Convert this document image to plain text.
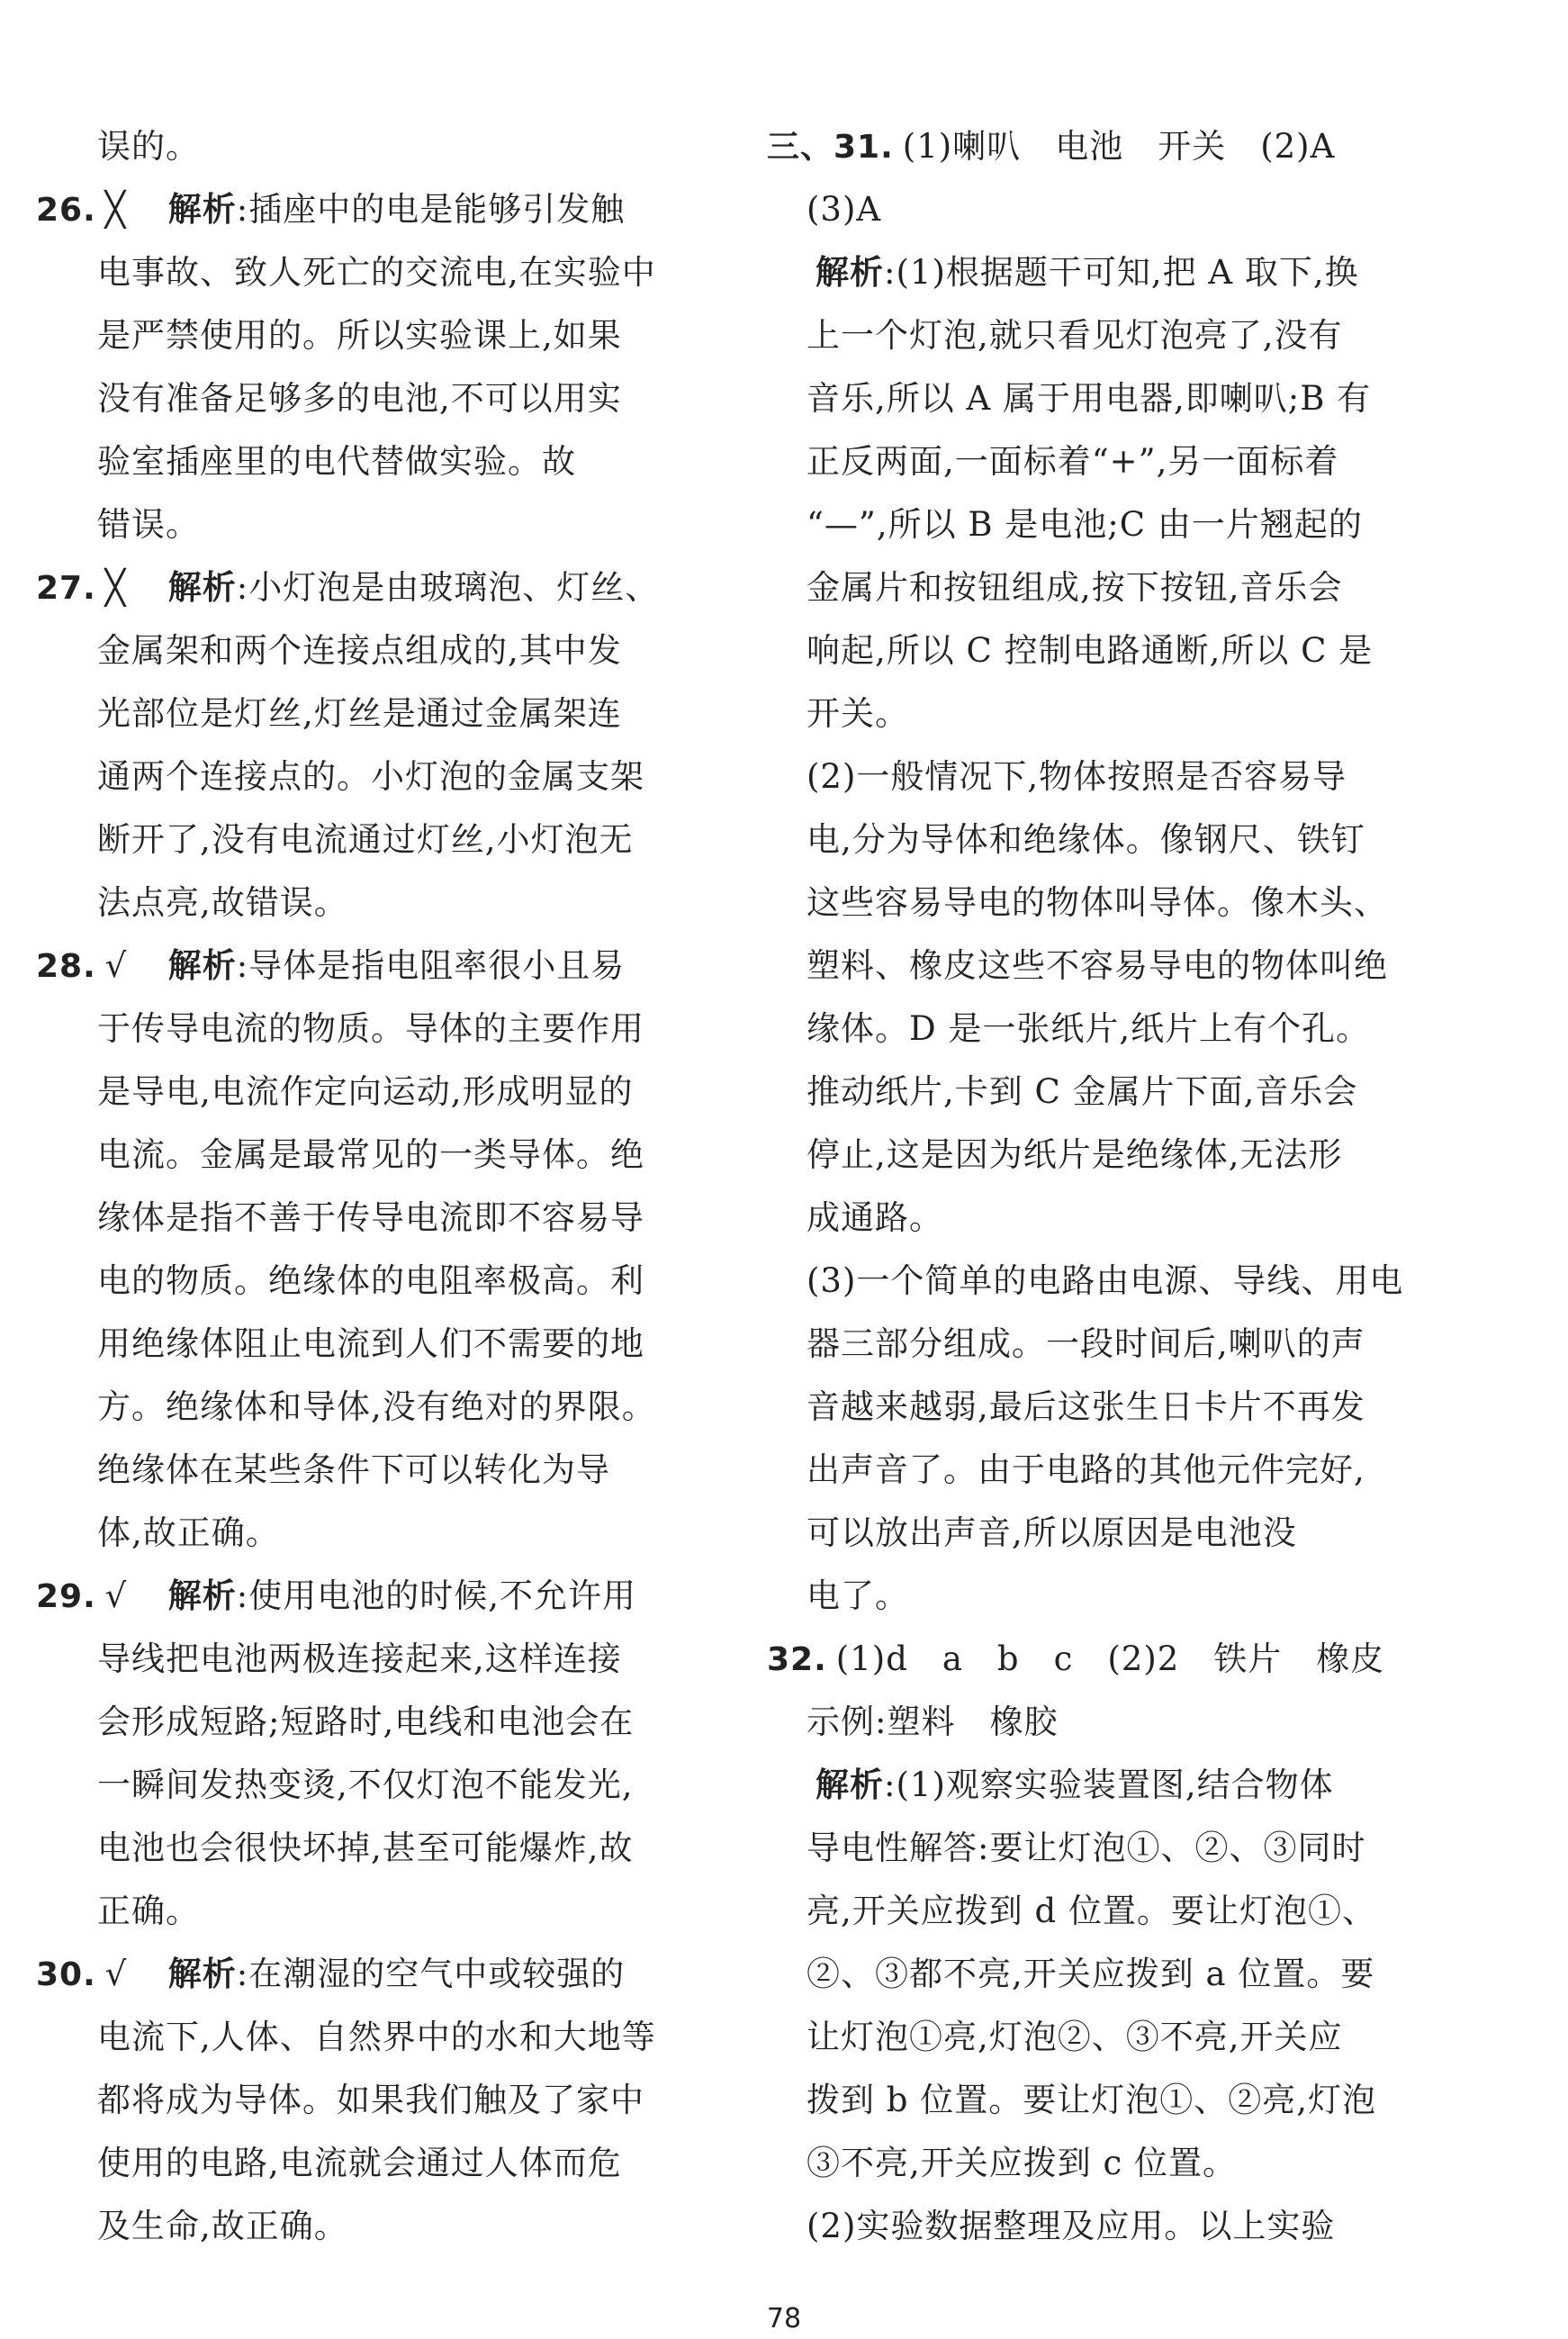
误的。
26. ╳ 解析:插座中的电是能够引发触
电事故、致人死亡的交流电,在实验中
是严禁使用的。所以实验课上,如果
没有准备足够多的电池,不可以用实
验室插座里的电代替做实验。故
错误。
27. ╳ 解析:小灯泡是由玻璃泡、灯丝、
金属架和两个连接点组成的,其中发
光部位是灯丝,灯丝是通过金属架连
通两个连接点的。小灯泡的金属支架
断开了,没有电流通过灯丝,小灯泡无
法点亮,故错误。
28. √ 解析:导体是指电阻率很小且易
于传导电流的物质。导体的主要作用
是导电,电流作定向运动,形成明显的
电流。金属是最常见的一类导体。绝
缘体是指不善于传导电流即不容易导
电的物质。绝缘体的电阻率极高。利
用绝缘体阻止电流到人们不需要的地
方。绝缘体和导体,没有绝对的界限。
绝缘体在某些条件下可以转化为导
体,故正确。
29. √ 解析:使用电池的时候,不允许用
导线把电池两极连接起来,这样连接
会形成短路;短路时,电线和电池会在
一瞬间发热变烫,不仅灯泡不能发光,
电池也会很快坏掉,甚至可能爆炸,故
正确。
30. √ 解析:在潮湿的空气中或较强的
电流下,人体、自然界中的水和大地等
都将成为导体。如果我们触及了家中
使用的电路,电流就会通过人体而危
及生命,故正确。
三、31. (1)喇叭　电池　开关　(2)A
(3)A
解析:(1)根据题干可知,把 A 取下,换
上一个灯泡,就只看见灯泡亮了,没有
音乐,所以 A 属于用电器,即喇叭;B 有
正反两面,一面标着“+”,另一面标着
“—”,所以 B 是电池;C 由一片翘起的
金属片和按钮组成,按下按钮,音乐会
响起,所以 C 控制电路通断,所以 C 是
开关。
(2)一般情况下,物体按照是否容易导
电,分为导体和绝缘体。像钢尺、铁钉
这些容易导电的物体叫导体。像木头、
塑料、橡皮这些不容易导电的物体叫绝
缘体。D 是一张纸片,纸片上有个孔。
推动纸片,卡到 C 金属片下面,音乐会
停止,这是因为纸片是绝缘体,无法形
成通路。
(3)一个简单的电路由电源、导线、用电
器三部分组成。一段时间后,喇叭的声
音越来越弱,最后这张生日卡片不再发
出声音了。由于电路的其他元件完好,
可以放出声音,所以原因是电池没
电了。
32. (1)d　a　b　c　(2)2　铁片　橡皮
示例:塑料　橡胶
解析:(1)观察实验装置图,结合物体
导电性解答:要让灯泡①、②、③同时
亮,开关应拨到 d 位置。要让灯泡①、
②、③都不亮,开关应拨到 a 位置。要
让灯泡①亮,灯泡②、③不亮,开关应
拨到 b 位置。要让灯泡①、②亮,灯泡
③不亮,开关应拨到 c 位置。
(2)实验数据整理及应用。以上实验
78
